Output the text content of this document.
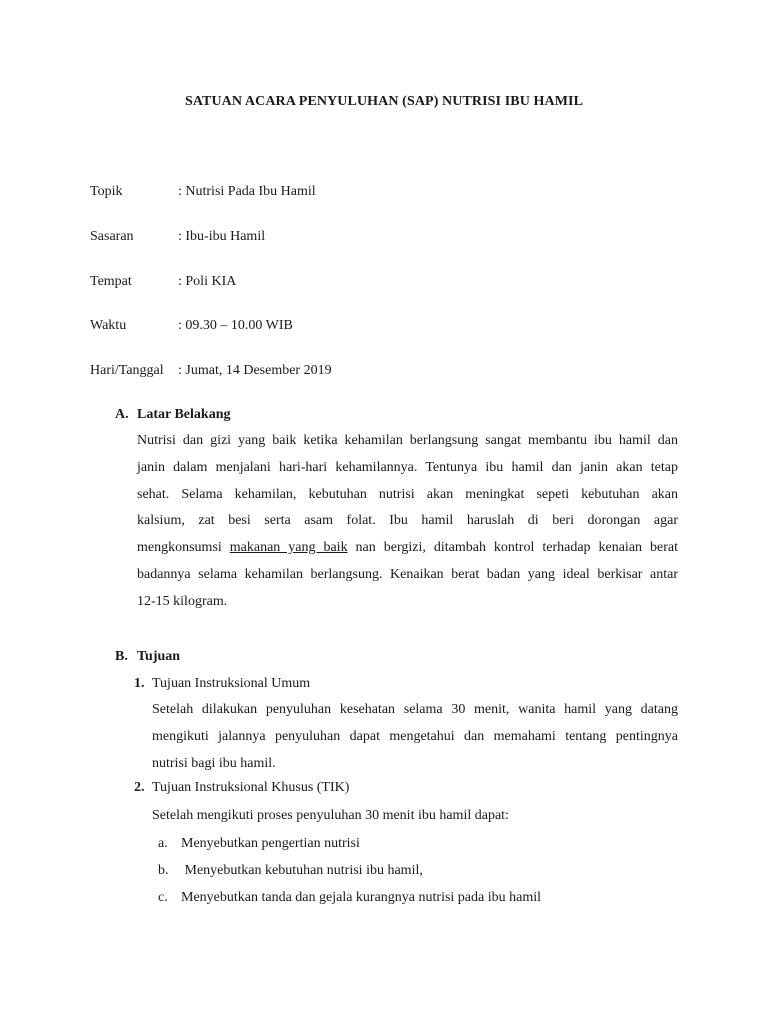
SATUAN ACARA PENYULUHAN (SAP) NUTRISI IBU HAMIL
Topik	: Nutrisi Pada Ibu Hamil
Sasaran	: Ibu-ibu Hamil
Tempat	: Poli KIA
Waktu	: 09.30 – 10.00 WIB
Hari/Tanggal : Jumat, 14 Desember 2019
A. Latar Belakang
Nutrisi dan gizi yang baik ketika kehamilan berlangsung sangat membantu ibu hamil dan
janin dalam menjalani hari-hari kehamilannya. Tentunya ibu hamil dan janin akan tetap
sehat. Selama kehamilan, kebutuhan nutrisi akan meningkat sepeti kebutuhan akan
kalsium, zat besi serta asam folat. Ibu hamil haruslah di beri dorongan agar
mengkonsumsi makanan yang baik nan bergizi, ditambah kontrol terhadap kenaian berat
badannya selama kehamilan berlangsung. Kenaikan berat badan yang ideal berkisar antar
12-15 kilogram.
B. Tujuan
1. Tujuan Instruksional Umum
Setelah dilakukan penyuluhan kesehatan selama 30 menit, wanita hamil yang datang
mengikuti jalannya penyuluhan dapat mengetahui dan memahami tentang pentingnya
nutrisi bagi ibu hamil.
2. Tujuan Instruksional Khusus (TIK)
Setelah mengikuti proses penyuluhan 30 menit ibu hamil dapat:
a. Menyebutkan pengertian nutrisi
b. Menyebutkan kebutuhan nutrisi ibu hamil,
c. Menyebutkan tanda dan gejala kurangnya nutrisi pada ibu hamil
